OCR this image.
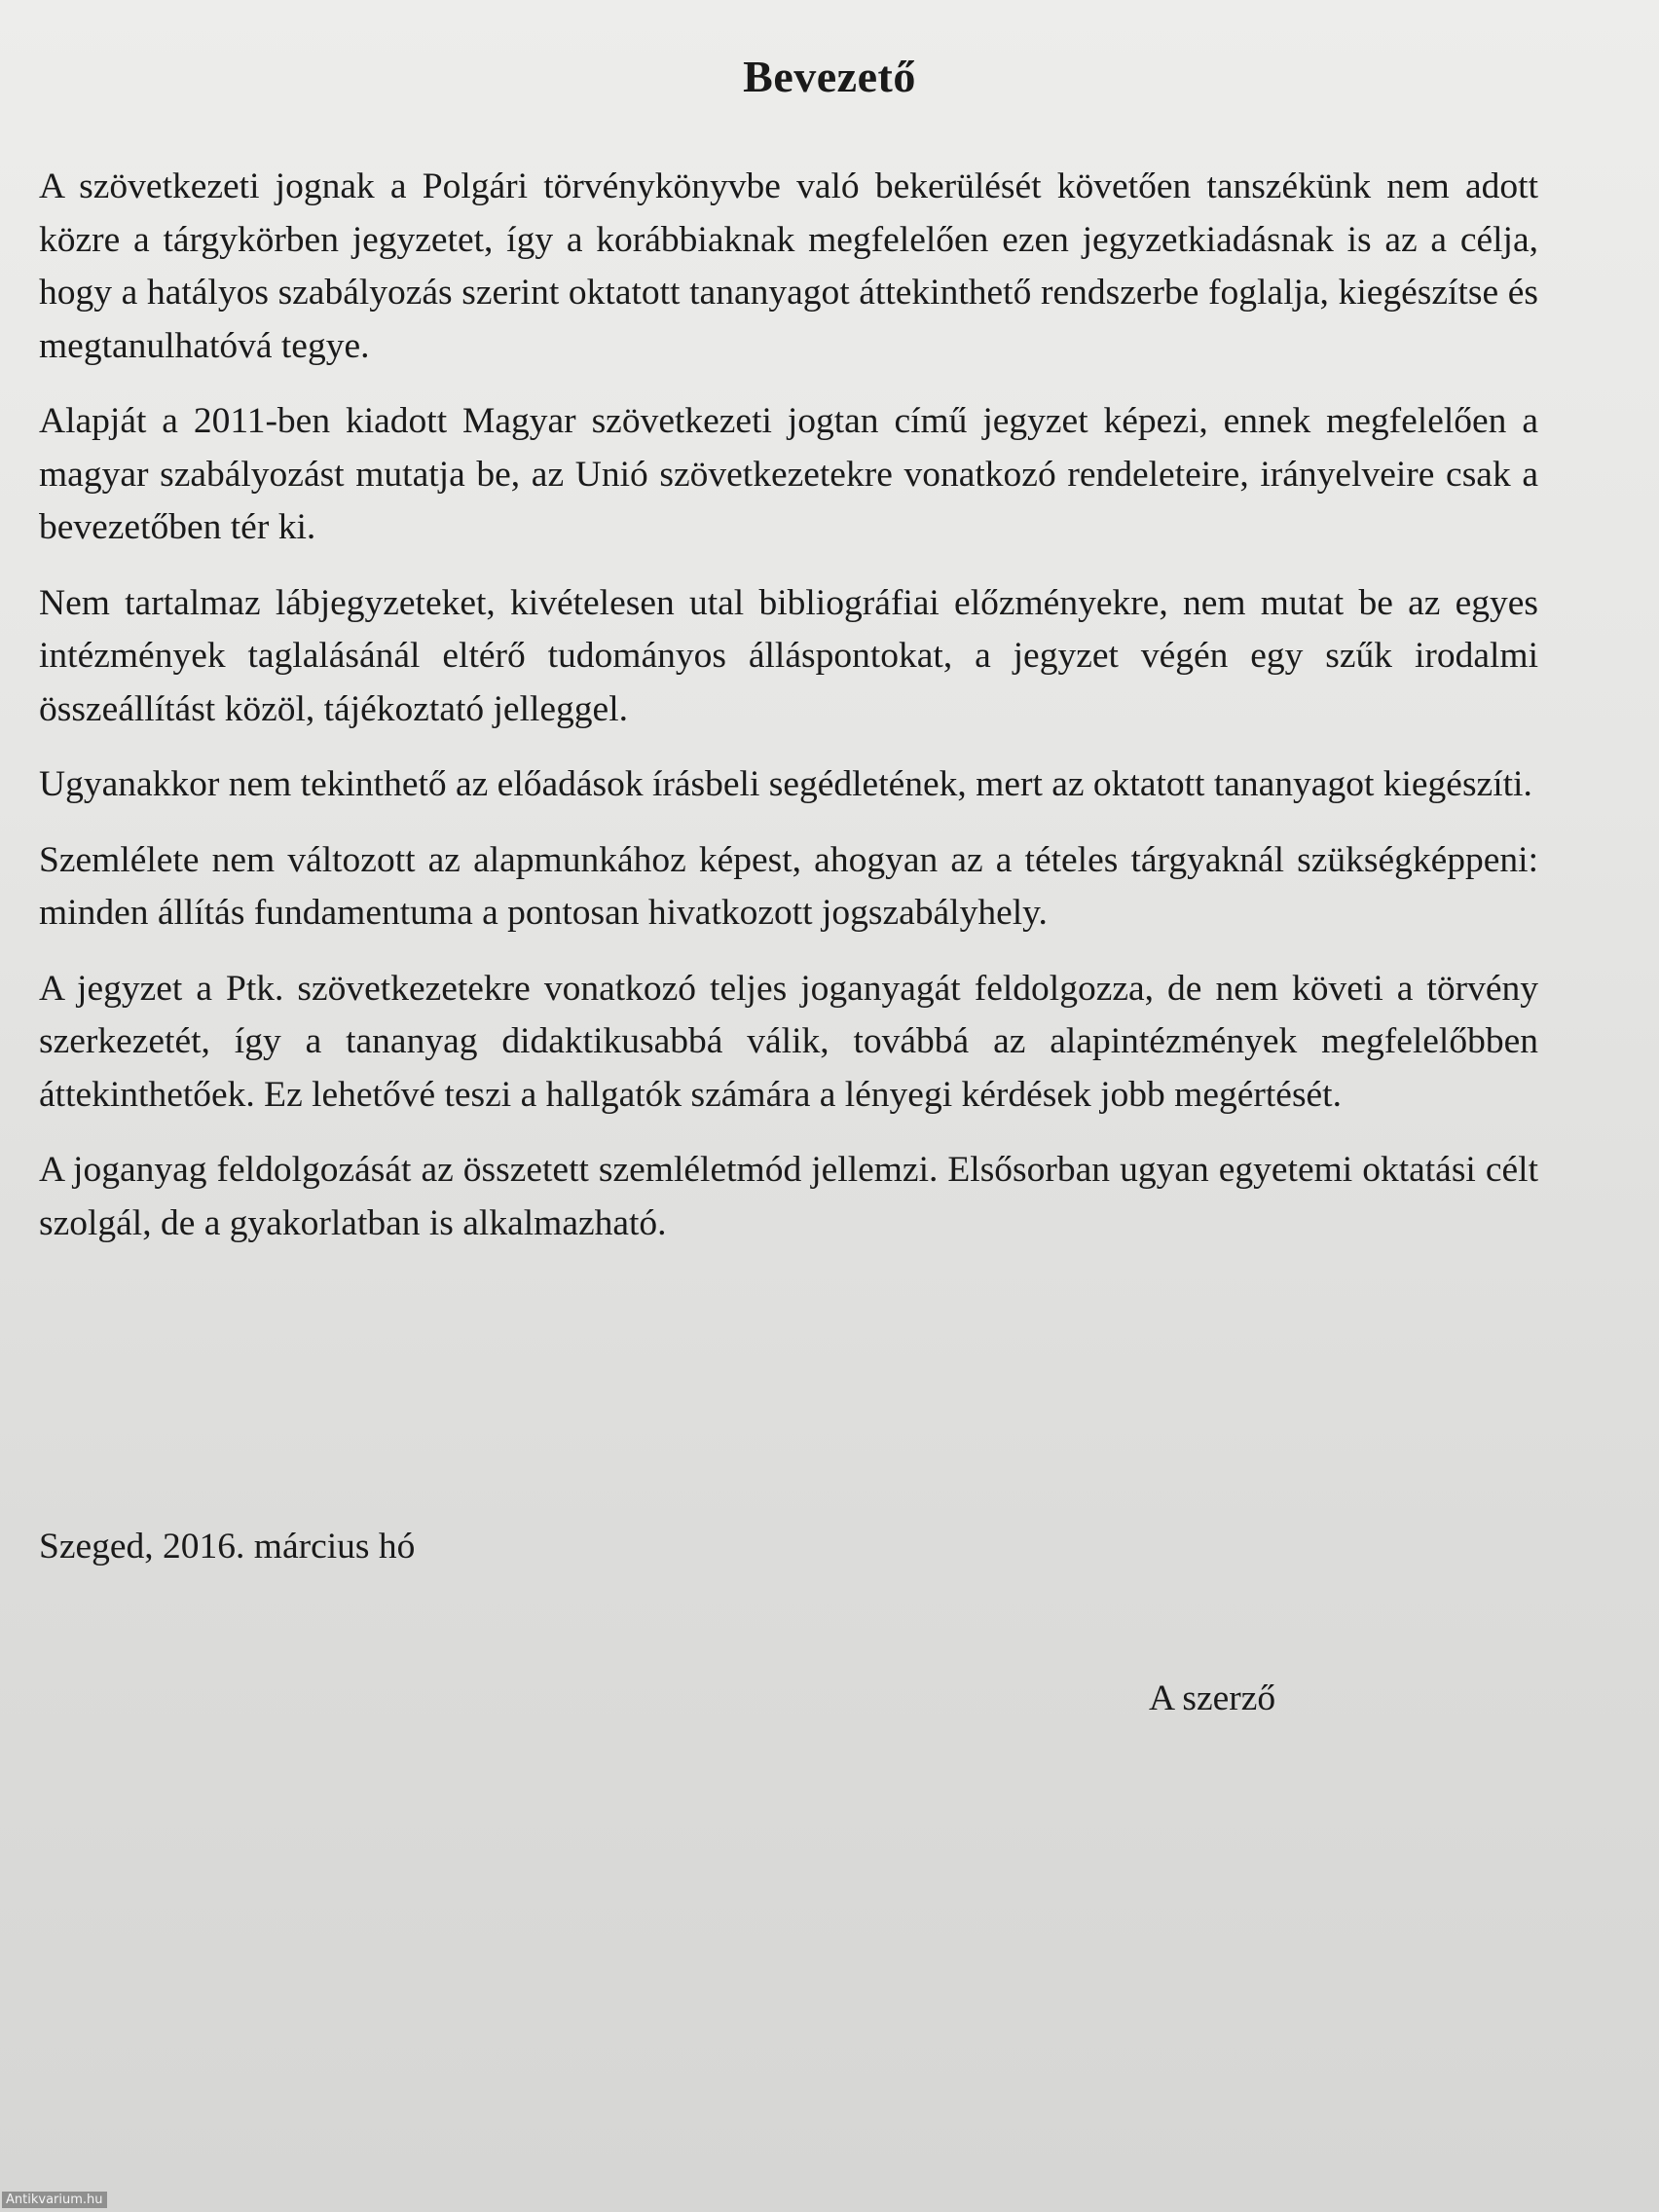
Bevezető

A szövetkezeti jognak a Polgári törvénykönyvbe való bekerülését követően tanszékünk nem adott közre a tárgykörben jegyzetet, így a korábbiaknak megfelelően ezen jegyzetkiadásnak is az a célja, hogy a hatályos szabályozás szerint oktatott tananyagot áttekinthető rendszerbe foglalja, kiegészítse és megtanulhatóvá tegye.

Alapját a 2011-ben kiadott Magyar szövetkezeti jogtan című jegyzet képezi, ennek megfelelően a magyar szabályozást mutatja be, az Unió szövetkezetekre vonatkozó rendeleteire, irányelveire csak a bevezetőben tér ki.

Nem tartalmaz lábjegyzeteket, kivételesen utal bibliográfiai előzményekre, nem mutat be az egyes intézmények taglalásánál eltérő tudományos álláspontokat, a jegyzet végén egy szűk irodalmi összeállítást közöl, tájékoztató jelleggel.

Ugyanakkor nem tekinthető az előadások írásbeli segédletének, mert az oktatott tananyagot kiegészíti.

Szemlélete nem változott az alapmunkához képest, ahogyan az a tételes tárgyaknál szükségképpeni: minden állítás fundamentuma a pontosan hivatkozott jogszabályhely.

A jegyzet a Ptk. szövetkezetekre vonatkozó teljes joganyagát feldolgozza, de nem követi a törvény szerkezetét, így a tananyag didaktikusabbá válik, továbbá az alapintézmények megfelelőbben áttekinthetőek. Ez lehetővé teszi a hallgatók számára a lényegi kérdések jobb megértését.

A joganyag feldolgozását az összetett szemléletmód jellemzi. Elsősorban ugyan egyetemi oktatási célt szolgál, de a gyakorlatban is alkalmazható.

Szeged, 2016. március hó

A szerző

Antikvarium.hu
